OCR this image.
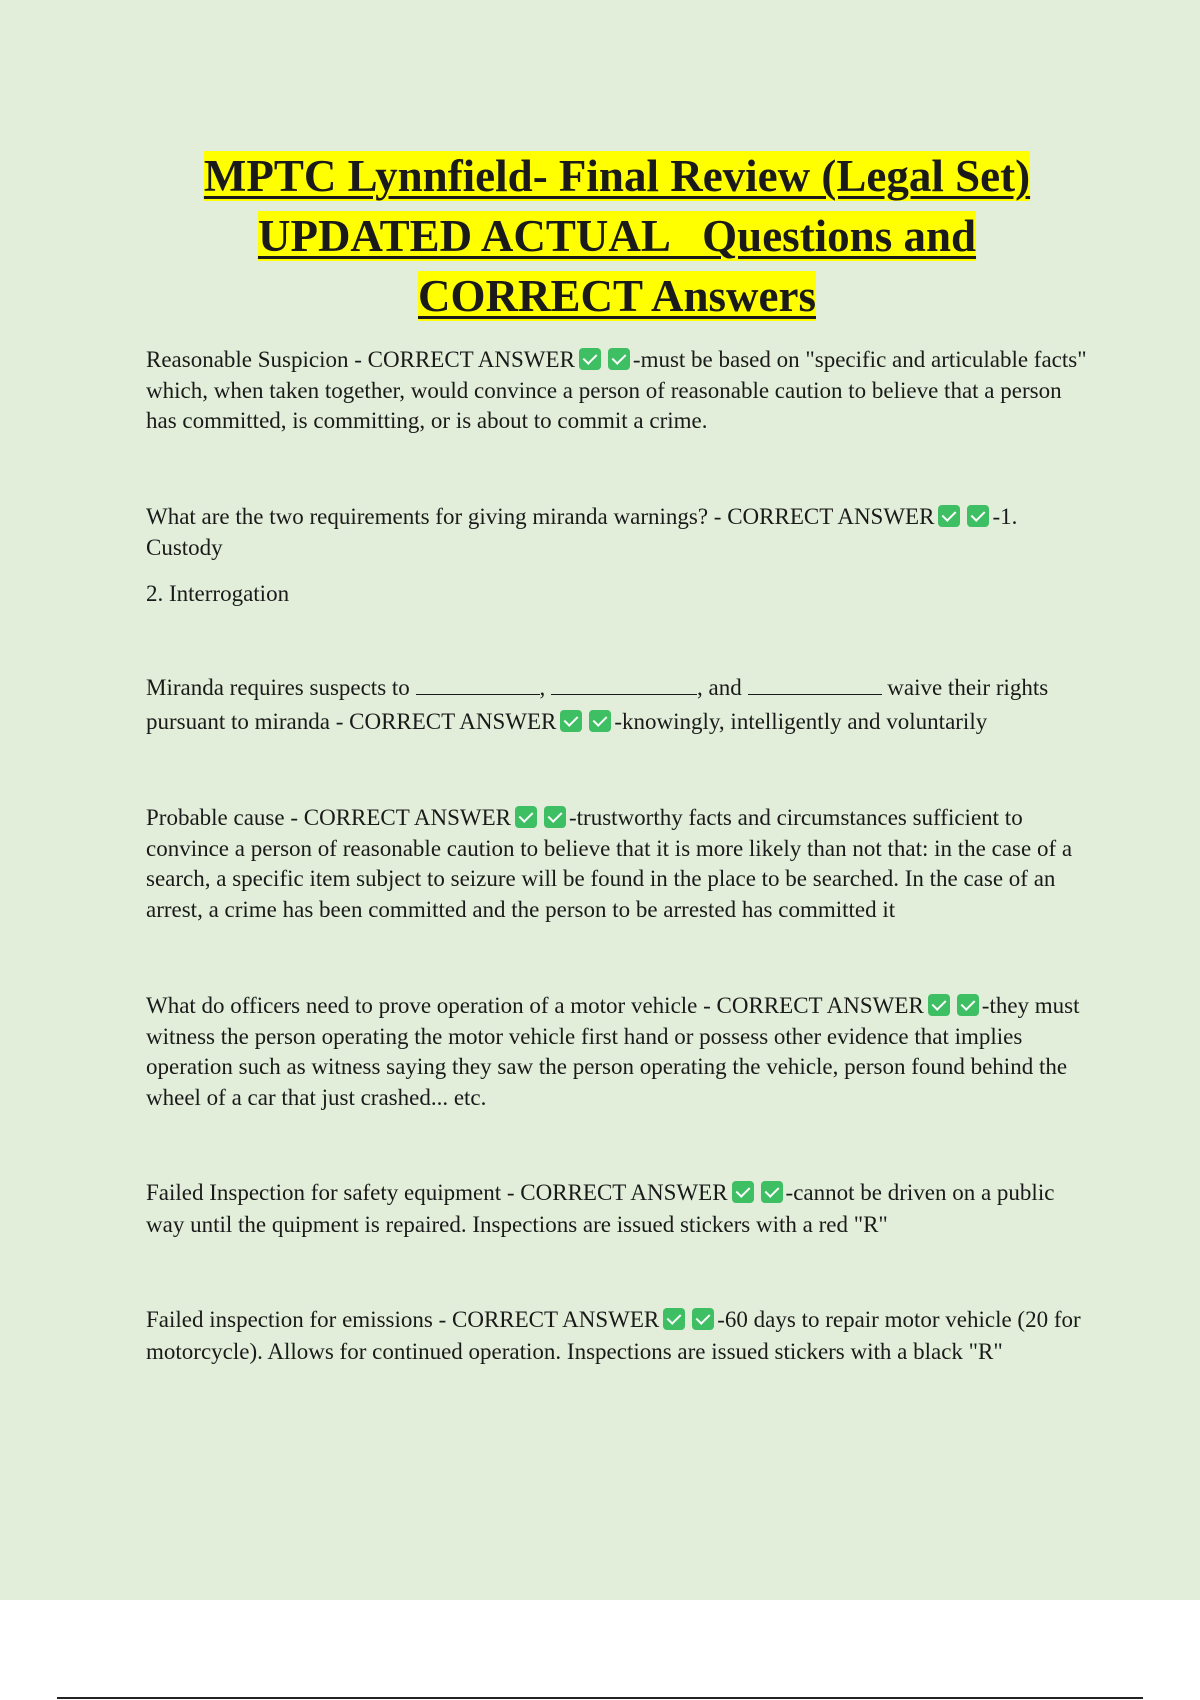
MPTC Lynnfield- Final Review (Legal Set)
UPDATED ACTUAL   Questions and
CORRECT Answers

Reasonable Suspicion - CORRECT ANSWER	-must be based on "specific and articulable facts" which, when taken together, would convince a person of reasonable caution to believe that a person has committed, is committing, or is about to commit a crime.

What are the two requirements for giving miranda warnings? - CORRECT ANSWER	-1. Custody

2. Interrogation

Miranda requires suspects to	,	, and	waive their rights pursuant to miranda - CORRECT ANSWER	-knowingly, intelligently and voluntarily

Probable cause - CORRECT ANSWER	-trustworthy facts and circumstances sufficient to convince a person of reasonable caution to believe that it is more likely than not that: in the case of a search, a specific item subject to seizure will be found in the place to be searched. In the case of an arrest, a crime has been committed and the person to be arrested has committed it

What do officers need to prove operation of a motor vehicle - CORRECT ANSWER	-they must witness the person operating the motor vehicle first hand or possess other evidence that implies operation such as witness saying they saw the person operating the vehicle, person found behind the wheel of a car that just crashed... etc.

Failed Inspection for safety equipment - CORRECT ANSWER	-cannot be driven on a public way until the quipment is repaired. Inspections are issued stickers with a red "R"

Failed inspection for emissions - CORRECT ANSWER	-60 days to repair motor vehicle (20 for motorcycle). Allows for continued operation. Inspections are issued stickers with a black "R"
